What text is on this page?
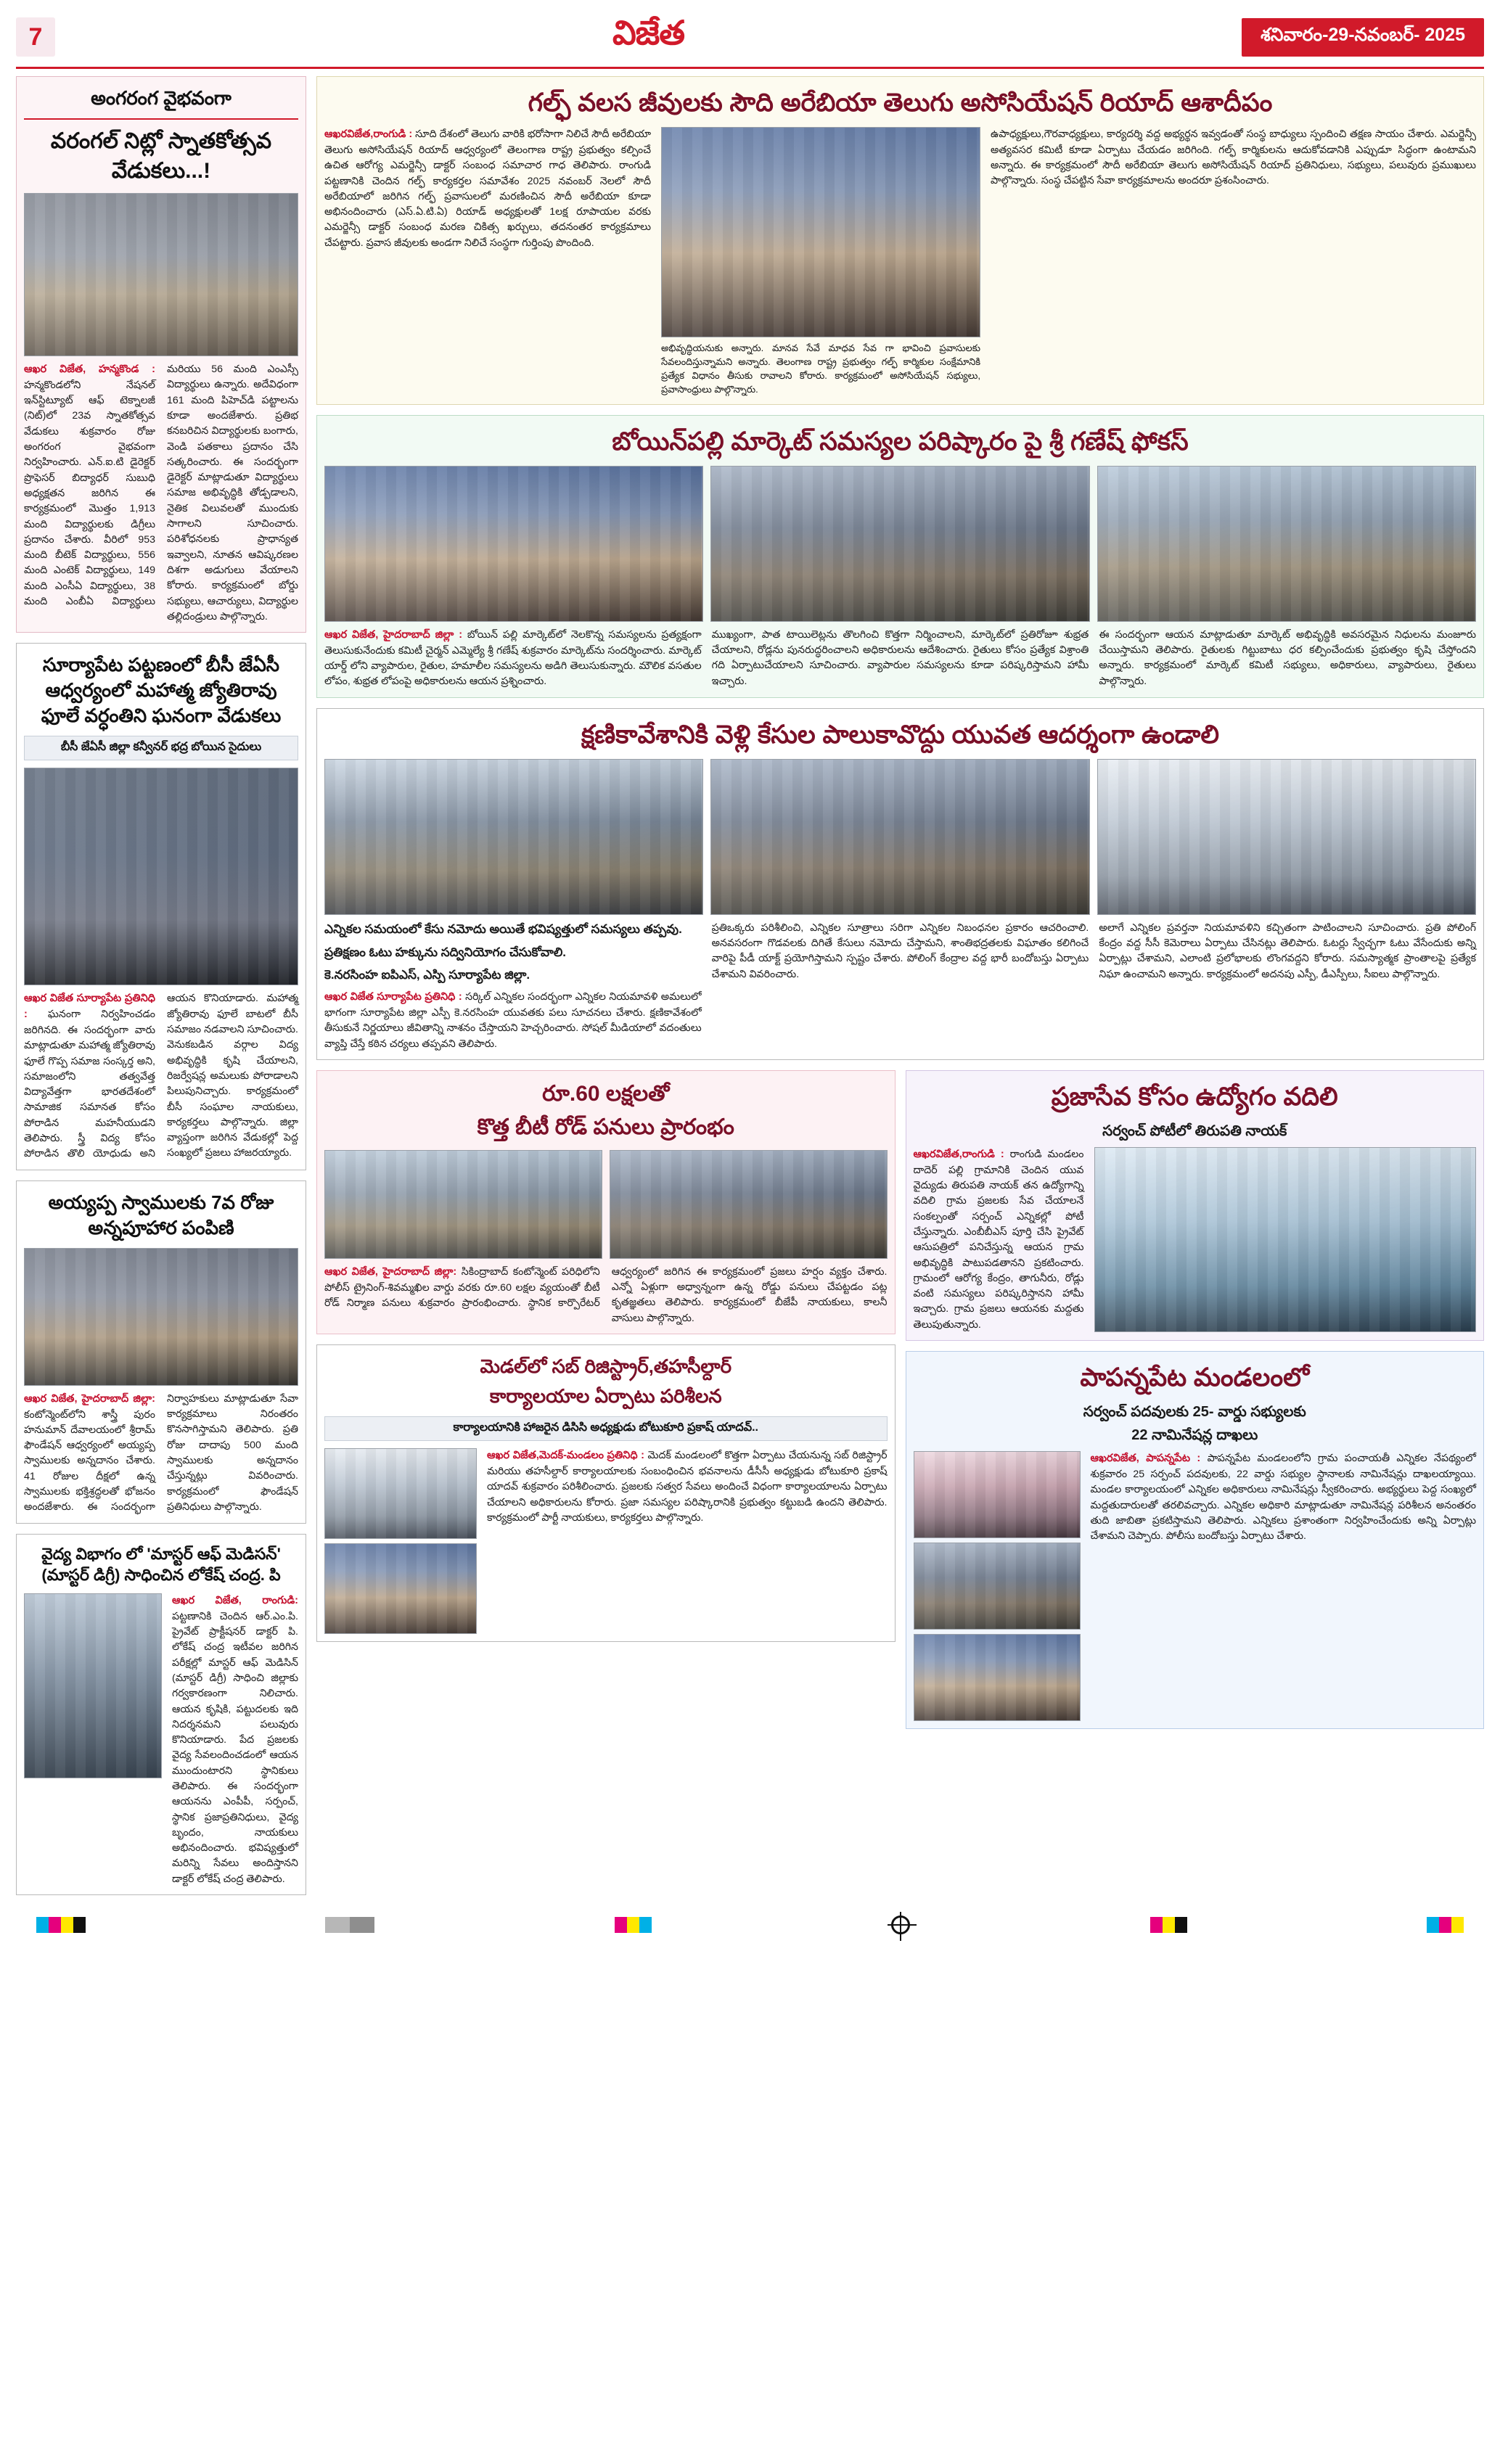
7	విజేత	శనివారం-29-నవంబర్- 2025
అంగరంగ వైభవంగా
వరంగల్ నిట్లో స్నాతకోత్సవ వేడుకలు...!

ఆఖర విజేత, హన్మకొండ : హన్మకొండలోని నేషనల్ ఇన్‌స్టిట్యూట్ ఆఫ్ టెక్నాలజీ (నిట్)లో 23వ స్నాతకోత్సవ వేడుకలు శుక్రవారం రోజు అంగరంగ వైభవంగా నిర్వహించారు. ఎన్.ఐ.టి డైరెక్టర్ ప్రొఫెసర్ బిద్యాధర్ సుబుధి అధ్యక్షతన జరిగిన ఈ కార్యక్రమంలో మొత్తం 1,913 మంది విద్యార్థులకు డిగ్రీలు ప్రదానం చేశారు. వీరిలో 953 మంది బీటెక్ విద్యార్థులు, 556 మంది ఎంటెక్ విద్యార్థులు, 149 మంది ఎంసీఏ విద్యార్థులు, 38 మంది ఎంబీఏ విద్యార్థులు మరియు 56 మంది ఎంఎస్సీ విద్యార్థులు ఉన్నారు. అదేవిధంగా 161 మంది పిహెచ్‌డి పట్టాలను కూడా అందజేశారు. ప్రతిభ కనబరిచిన విద్యార్థులకు బంగారు, వెండి పతకాలు ప్రదానం చేసి సత్కరించారు. ఈ సందర్భంగా డైరెక్టర్ మాట్లాడుతూ విద్యార్థులు సమాజ అభివృద్ధికి తోడ్పడాలని, నైతిక విలువలతో ముందుకు సాగాలని సూచించారు. పరిశోధనలకు ప్రాధాన్యత ఇవ్వాలని, నూతన ఆవిష్కరణల దిశగా అడుగులు వేయాలని కోరారు. కార్యక్రమంలో బోర్డు సభ్యులు, ఆచార్యులు, విద్యార్థుల తల్లిదండ్రులు పాల్గొన్నారు.

సూర్యాపేట పట్టణంలో బీసీ జేఏసీ ఆధ్వర్యంలో మహాత్మ జ్యోతిరావు ఫూలే వర్ధంతిని ఘనంగా వేడుకలు
బీసీ జేఏసీ జిల్లా కన్వీనర్ భద్ర బోయిన సైదులు

ఆఖర విజేత సూర్యాపేట ప్రతినిధి : ఘనంగా నిర్వహించడం జరిగినది. ఈ సందర్భంగా వారు మాట్లాడుతూ మహాత్మ జ్యోతిరావు ఫూలే గొప్ప సమాజ సంస్కర్త అని, సమాజంలోని తత్వవేత్త విద్యావేత్తగా భారతదేశంలో సామాజిక సమానత కోసం పోరాడిన మహనీయుడని తెలిపారు. స్త్రీ విద్య కోసం పోరాడిన తొలి యోధుడు అని ఆయన కొనియాడారు. మహాత్మ జ్యోతిరావు ఫూలే బాటలో బీసీ సమాజం నడవాలని సూచించారు. వెనుకబడిన వర్గాల విద్య అభివృద్ధికి కృషి చేయాలని, రిజర్వేషన్ల అమలుకు పోరాడాలని పిలుపునిచ్చారు. కార్యక్రమంలో బీసీ సంఘాల నాయకులు, కార్యకర్తలు పాల్గొన్నారు. జిల్లా వ్యాప్తంగా జరిగిన వేడుకల్లో పెద్ద సంఖ్యలో ప్రజలు హాజరయ్యారు.

అయ్యప్ప స్వాములకు 7వ రోజు అన్నపూహార పంపిణి

ఆఖర విజేత, హైదరాబాద్ జిల్లా: కంటోన్మెంట్‌లోని శాస్త్రీ పురం హనుమాన్ దేవాలయంలో శ్రీరామ్ ఫౌండేషన్ ఆధ్వర్యంలో అయ్యప్ప స్వాములకు అన్నదానం చేశారు. 41 రోజుల దీక్షలో ఉన్న స్వాములకు భక్తిశ్రద్ధలతో భోజనం అందజేశారు. ఈ సందర్భంగా నిర్వాహకులు మాట్లాడుతూ సేవా కార్యక్రమాలు నిరంతరం కొనసాగిస్తామని తెలిపారు. ప్రతి రోజు దాదాపు 500 మంది స్వాములకు అన్నదానం చేస్తున్నట్లు వివరించారు. కార్యక్రమంలో ఫౌండేషన్ ప్రతినిధులు పాల్గొన్నారు.

వైద్య విభాగం లో 'మాస్టర్ ఆఫ్ మెడిసన్' (మాస్టర్ డిగ్రీ) సాధించిన లోకేష్ చంద్ర. పి

ఆఖర విజేత, రాంగుడి: పట్టణానికి చెందిన ఆర్.ఎం.పి. ప్రైవేట్ ప్రాక్టీషనర్ డాక్టర్ పి. లోకేష్ చంద్ర ఇటీవల జరిగిన పరీక్షల్లో మాస్టర్ ఆఫ్ మెడిసిన్ (మాస్టర్ డిగ్రీ) సాధించి జిల్లాకు గర్వకారణంగా నిలిచారు. ఆయన కృషికి, పట్టుదలకు ఇది నిదర్శనమని పలువురు కొనియాడారు. పేద ప్రజలకు వైద్య సేవలందించడంలో ఆయన ముందుంటారని స్థానికులు తెలిపారు. ఈ సందర్భంగా ఆయనను ఎంపీపీ, సర్పంచ్, స్థానిక ప్రజాప్రతినిధులు, వైద్య బృందం, నాయకులు అభినందించారు. భవిష్యత్తులో మరిన్ని సేవలు అందిస్తానని డాక్టర్ లోకేష్ చంద్ర తెలిపారు.

గల్ఫ్ వలస జీవులకు సౌది అరేబియా తెలుగు అసోసియేషన్ రియాద్ ఆశాదీపం

ఆఖరవిజేత,రాంగుడి : సూది దేశంలో తెలుగు వారికి భరోసాగా నిలిచే సౌదీ అరేబియా తెలుగు అసోసియేషన్ రియాద్ ఆధ్వర్యంలో తెలంగాణ రాష్ట్ర ప్రభుత్వం కల్పించే ఉచిత ఆరోగ్య ఎమర్జెన్సీ డాక్టర్ సంబంధ సమాచార గాధ తెలిపారు. రాంగుడి పట్టణానికి చెందిన గల్ఫ్ కార్యకర్తల సమావేశం 2025 నవంబర్ నెలలో సౌదీ అరేబియాలో జరిగిన గల్ఫ్ ప్రవాసులలో మరణించిన సౌదీ అరేబియా కూడా అభినందించారు (ఎస్.ఏ.టి.ఏ) రియాడ్ అధ్యక్షులతో 1లక్ష రూపాయల వరకు ఎమర్జెన్సీ డాక్టర్ సంబంధ మరణ చికిత్స ఖర్చులు, తదనంతర కార్యక్రమాలు చేపట్టారు. ప్రవాస జీవులకు అండగా నిలిచే సంస్థగా గుర్తింపు పొందింది.

అభివృద్ధియనుకు అన్నారు. మానవ సేవే మాధవ సేవ గా భావించి ప్రవాసులకు సేవలందిస్తున్నామని అన్నారు. తెలంగాణ రాష్ట్ర ప్రభుత్వం గల్ఫ్ కార్మికుల సంక్షేమానికి ప్రత్యేక విధానం తీసుకు రావాలని కోరారు. కార్యక్రమంలో అసోసియేషన్ సభ్యులు, ప్రవాసాంధ్రులు పాల్గొన్నారు.

ఉపాధ్యక్షులు,గౌరవాధ్యక్షులు, కార్యదర్శి వద్ద అభ్యర్థన ఇవ్వడంతో సంస్థ బాధ్యులు స్పందించి తక్షణ సాయం చేశారు. ఎమర్జెన్సీ అత్యవసర కమిటీ కూడా ఏర్పాటు చేయడం జరిగింది. గల్ఫ్ కార్మికులను ఆదుకోవడానికి ఎప్పుడూ సిద్ధంగా ఉంటామని అన్నారు. ఈ కార్యక్రమంలో సౌదీ అరేబియా తెలుగు అసోసియేషన్ రియాద్ ప్రతినిధులు, సభ్యులు, పలువురు ప్రముఖులు పాల్గొన్నారు. సంస్థ చేపట్టిన సేవా కార్యక్రమాలను అందరూ ప్రశంసించారు.

బోయిన్‌పల్లి మార్కెట్ సమస్యల పరిష్కారం పై శ్రీ గణేష్ ఫోకస్

ఆఖర విజేత, హైదరాబాద్ జిల్లా : బోయిన్ పల్లి మార్కెట్‌లో నెలకొన్న సమస్యలను ప్రత్యక్షంగా తెలుసుకునేందుకు కమిటీ చైర్మన్ ఎమ్మెల్యే శ్రీ గణేష్ శుక్రవారం మార్కెట్‌ను సందర్శించారు. మార్కెట్ యార్డ్ లోని వ్యాపారుల, రైతుల, హమాలీల సమస్యలను అడిగి తెలుసుకున్నారు. మౌలిక వసతుల లోపం, శుభ్రత లోపంపై అధికారులను ఆయన ప్రశ్నించారు.

ముఖ్యంగా, పాత టాయిలెట్లను తొలగించి కొత్తగా నిర్మించాలని, మార్కెట్‌లో ప్రతిరోజూ శుభ్రత చేయాలని, రోడ్లను పునరుద్ధరించాలని అధికారులను ఆదేశించారు. రైతులు కోసం ప్రత్యేక విశ్రాంతి గది ఏర్పాటుచేయాలని సూచించారు. వ్యాపారుల సమస్యలను కూడా పరిష్కరిస్తామని హామీ ఇచ్చారు.

ఈ సందర్భంగా ఆయన మాట్లాడుతూ మార్కెట్ అభివృద్ధికి అవసరమైన నిధులను మంజూరు చేయిస్తామని తెలిపారు. రైతులకు గిట్టుబాటు ధర కల్పించేందుకు ప్రభుత్వం కృషి చేస్తోందని అన్నారు. కార్యక్రమంలో మార్కెట్ కమిటీ సభ్యులు, అధికారులు, వ్యాపారులు, రైతులు పాల్గొన్నారు.

క్షణికావేశానికి వెళ్లి కేసుల పాలుకావొద్దు యువత ఆదర్శంగా ఉండాలి

ఎన్నికల సమయంలో కేసు నమోదు అయితే భవిష్యత్తులో సమస్యలు తప్పవు.

ప్రతిక్షణం ఓటు హక్కును సద్వినియోగం చేసుకోవాలి.

కె.నరసింహ ఐపిఎస్, ఎస్పి సూర్యాపేట జిల్లా.

ఆఖర విజేత సూర్యాపేట ప్రతినిధి : సర్కిల్ ఎన్నికల సందర్భంగా ఎన్నికల నియమావళి అమలులో భాగంగా సూర్యాపేట జిల్లా ఎస్పీ కె.నరసింహ యువతకు పలు సూచనలు చేశారు. క్షణికావేశంలో తీసుకునే నిర్ణయాలు జీవితాన్ని నాశనం చేస్తాయని హెచ్చరించారు. సోషల్ మీడియాలో వదంతులు వ్యాప్తి చేస్తే కఠిన చర్యలు తప్పవని తెలిపారు.

ప్రతిఒక్కరు పరిశీలించి, ఎన్నికల సూత్రాలు సరిగా ఎన్నికల నిబంధనల ప్రకారం ఆచరించాలి. అనవసరంగా గొడవలకు దిగితే కేసులు నమోదు చేస్తామని, శాంతిభద్రతలకు విఘాతం కలిగించే వారిపై పీడీ యాక్ట్ ప్రయోగిస్తామని స్పష్టం చేశారు. పోలింగ్ కేంద్రాల వద్ద భారీ బందోబస్తు ఏర్పాటు చేశామని వివరించారు.

అలాగే ఎన్నికల ప్రవర్తనా నియమావళిని కచ్చితంగా పాటించాలని సూచించారు. ప్రతి పోలింగ్ కేంద్రం వద్ద సీసీ కెమెరాలు ఏర్పాటు చేసినట్లు తెలిపారు. ఓటర్లు స్వేచ్ఛగా ఓటు వేసేందుకు అన్ని ఏర్పాట్లు చేశామని, ఎలాంటి ప్రలోభాలకు లొంగవద్దని కోరారు. సమస్యాత్మక ప్రాంతాలపై ప్రత్యేక నిఘా ఉంచామని అన్నారు. కార్యక్రమంలో అదనపు ఎస్పీ, డీఎస్పీలు, సీఐలు పాల్గొన్నారు.

రూ.60 లక్షలతో
కొత్త బీటీ రోడ్ పనులు ప్రారంభం

ఆఖర విజేత, హైదరాబాద్ జిల్లా: సికింద్రాబాద్ కంటోన్మెంట్ పరిధిలోని పోలీస్ ట్రైనింగ్-శివమ్మఖిల వార్డు వరకు రూ.60 లక్షల వ్యయంతో బీటీ రోడ్ నిర్మాణ పనులు శుక్రవారం ప్రారంభించారు. స్థానిక కార్పొరేటర్ ఆధ్వర్యంలో జరిగిన ఈ కార్యక్రమంలో ప్రజలు హర్షం వ్యక్తం చేశారు. ఎన్నో ఏళ్లుగా అధ్వాన్నంగా ఉన్న రోడ్డు పనులు చేపట్టడం పట్ల కృతజ్ఞతలు తెలిపారు. కార్యక్రమంలో బీజేపీ నాయకులు, కాలనీ వాసులు పాల్గొన్నారు.

మెడల్‌లో సబ్ రిజిస్ట్రార్,తహసీల్దార్
కార్యాలయాల ఏర్పాటు పరిశీలన
కార్యాలయానికి హాజరైన డిసిసి అధ్యక్షుడు బోటుకూరి ప్రకాష్ యాదవ్..

ఆఖర విజేత,మెదక్-మండలం ప్రతినిధి : మెదక్ మండలంలో కొత్తగా ఏర్పాటు చేయనున్న సబ్ రిజిస్ట్రార్ మరియు తహసీల్దార్ కార్యాలయాలకు సంబంధించిన భవనాలను డీసీసీ అధ్యక్షుడు బోటుకూరి ప్రకాష్ యాదవ్ శుక్రవారం పరిశీలించారు. ప్రజలకు సత్వర సేవలు అందించే విధంగా కార్యాలయాలను ఏర్పాటు చేయాలని అధికారులను కోరారు. ప్రజా సమస్యల పరిష్కారానికి ప్రభుత్వం కట్టుబడి ఉందని తెలిపారు. కార్యక్రమంలో పార్టీ నాయకులు, కార్యకర్తలు పాల్గొన్నారు.

ప్రజాసేవ కోసం ఉద్యోగం వదిలి
సర్వంచ్ పోటీలో తిరుపతి నాయక్

ఆఖరవిజేత,రాంగుడి : రాంగుడి మండలం దాదెర్ పల్లి గ్రామానికి చెందిన యువ వైద్యుడు తిరుపతి నాయక్ తన ఉద్యోగాన్ని వదిలి గ్రామ ప్రజలకు సేవ చేయాలనే సంకల్పంతో సర్పంచ్ ఎన్నికల్లో పోటీ చేస్తున్నారు. ఎంబీబీఎస్ పూర్తి చేసి ప్రైవేట్ ఆసుపత్రిలో పనిచేస్తున్న ఆయన గ్రామ అభివృద్ధికి పాటుపడతానని ప్రకటించారు. గ్రామంలో ఆరోగ్య కేంద్రం, తాగునీరు, రోడ్లు వంటి సమస్యలు పరిష్కరిస్తానని హామీ ఇచ్చారు. గ్రామ ప్రజలు ఆయనకు మద్దతు తెలుపుతున్నారు.

పాపన్నపేట మండలంలో
సర్వంచ్ పదవులకు 25- వార్డు సభ్యులకు
22 నామినేషన్ల దాఖలు

ఆఖరవిజేత, పాపన్నపేట : పాపన్నపేట మండలంలోని గ్రామ పంచాయతీ ఎన్నికల నేపథ్యంలో శుక్రవారం 25 సర్పంచ్ పదవులకు, 22 వార్డు సభ్యుల స్థానాలకు నామినేషన్లు దాఖలయ్యాయి. మండల కార్యాలయంలో ఎన్నికల అధికారులు నామినేషన్లు స్వీకరించారు. అభ్యర్థులు పెద్ద సంఖ్యలో మద్దతుదారులతో తరలివచ్చారు. ఎన్నికల అధికారి మాట్లాడుతూ నామినేషన్ల పరిశీలన అనంతరం తుది జాబితా ప్రకటిస్తామని తెలిపారు. ఎన్నికలు ప్రశాంతంగా నిర్వహించేందుకు అన్ని ఏర్పాట్లు చేశామని చెప్పారు. పోలీసు బందోబస్తు ఏర్పాటు చేశారు.
